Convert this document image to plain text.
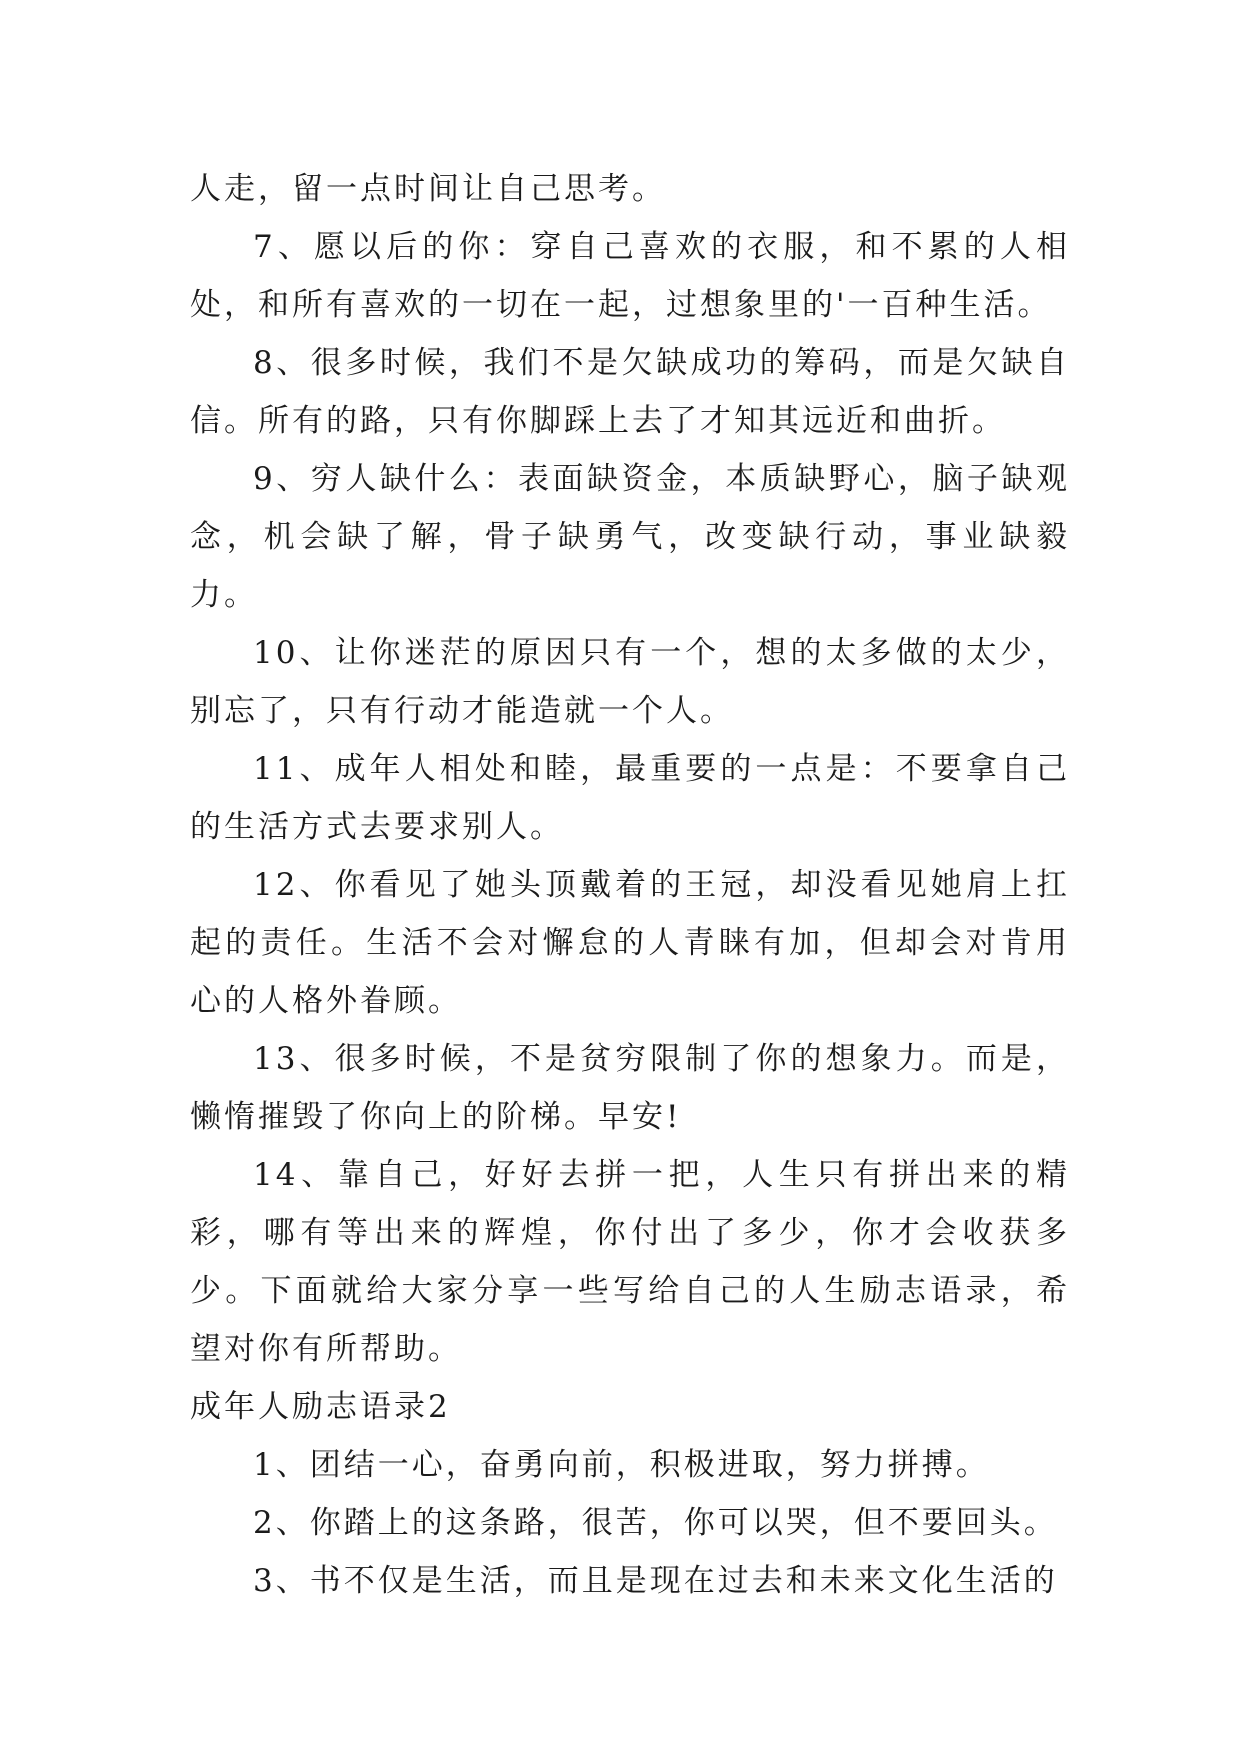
人走，留一点时间让自己思考。

7、愿以后的你：穿自己喜欢的衣服，和不累的人相处，和所有喜欢的一切在一起，过想象里的'一百种生活。

8、很多时候，我们不是欠缺成功的筹码，而是欠缺自信。所有的路，只有你脚踩上去了才知其远近和曲折。

9、穷人缺什么：表面缺资金，本质缺野心，脑子缺观念，机会缺了解，骨子缺勇气，改变缺行动，事业缺毅力。

10、让你迷茫的原因只有一个，想的太多做的太少，别忘了，只有行动才能造就一个人。

11、成年人相处和睦，最重要的一点是：不要拿自己的生活方式去要求别人。

12、你看见了她头顶戴着的王冠，却没看见她肩上扛起的责任。生活不会对懈怠的人青睐有加，但却会对肯用心的人格外眷顾。

13、很多时候，不是贫穷限制了你的想象力。而是，懒惰摧毁了你向上的阶梯。早安!

14、靠自己，好好去拼一把，人生只有拼出来的精彩，哪有等出来的辉煌，你付出了多少，你才会收获多少。下面就给大家分享一些写给自己的人生励志语录，希望对你有所帮助。

成年人励志语录2

1、团结一心，奋勇向前，积极进取，努力拼搏。

2、你踏上的这条路，很苦，你可以哭，但不要回头。

3、书不仅是生活，而且是现在过去和未来文化生活的
